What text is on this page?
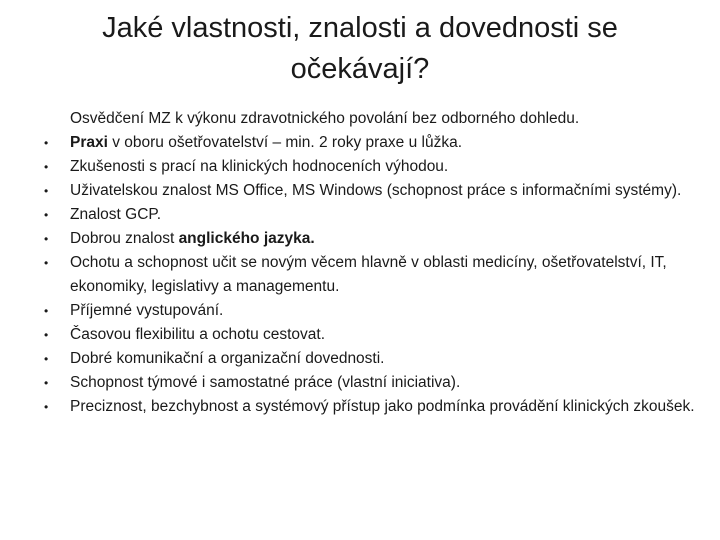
Jaké vlastnosti, znalosti a dovednosti se očekávají?

Osvědčení MZ k výkonu zdravotnického povolání bez odborného dohledu.

•	Praxi v oboru ošetřovatelství – min. 2 roky praxe u lůžka.
•	Zkušenosti s prací na klinických hodnoceních výhodou.
•	Uživatelskou znalost MS Office, MS Windows (schopnost práce s informačními systémy).
•	Znalost GCP.
•	Dobrou znalost anglického jazyka.
•	Ochotu a schopnost učit se novým věcem hlavně v oblasti medicíny, ošetřovatelství, IT, ekonomiky, legislativy a managementu.
•	Příjemné vystupování.
•	Časovou flexibilitu a ochotu cestovat.
•	Dobré komunikační a organizační dovednosti.
•	Schopnost týmové i samostatné práce (vlastní iniciativa).
•	Preciznost, bezchybnost a systémový přístup jako podmínka provádění klinických zkoušek.
